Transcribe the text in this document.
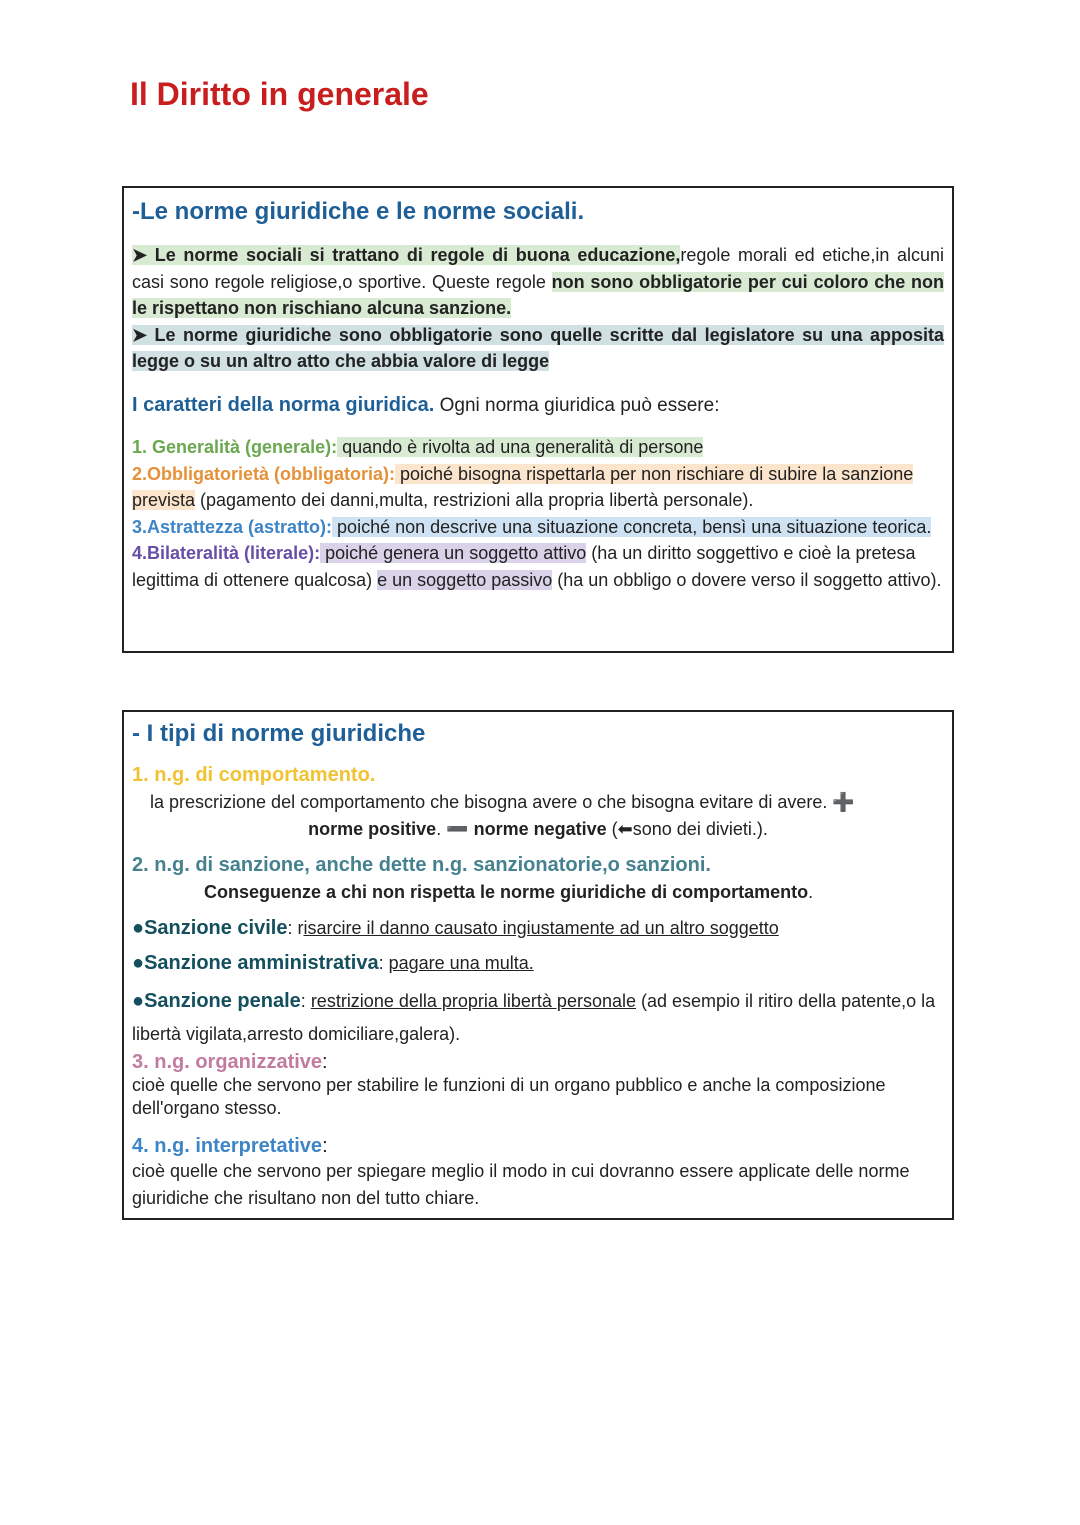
Il Diritto in generale
-Le norme giuridiche e le norme sociali.

➤ Le norme sociali si trattano di regole di buona educazione,regole morali ed etiche,in alcuni casi sono regole religiose,o sportive. Queste regole non sono obbligatorie per cui coloro che non le rispettano non rischiano alcuna sanzione.

➤ Le norme giuridiche sono obbligatorie sono quelle scritte dal legislatore su una apposita legge o su un altro atto che abbia valore di legge

I caratteri della norma giuridica. Ogni norma giuridica può essere:

1. Generalità (generale): quando è rivolta ad una generalità di persone

2.Obbligatorietà (obbligatoria): poiché bisogna rispettarla per non rischiare di subire la sanzione prevista (pagamento dei danni,multa, restrizioni alla propria libertà personale).

3.Astrattezza (astratto): poiché non descrive una situazione concreta, bensì una situazione teorica.

4.Bilateralità (literale): poiché genera un soggetto attivo (ha un diritto soggettivo e cioè la pretesa legittima di ottenere qualcosa) e un soggetto passivo (ha un obbligo o dovere verso il soggetto attivo).

- I tipi di norme giuridiche
1. n.g. di comportamento.

la prescrizione del comportamento che bisogna avere o che bisogna evitare di avere. ➕

norme positive. ➖ norme negative (⬅sono dei divieti.).

2. n.g. di sanzione, anche dette n.g. sanzionatorie,o sanzioni.

Conseguenze a chi non rispetta le norme giuridiche di comportamento.

●Sanzione civile: risarcire il danno causato ingiustamente ad un altro soggetto

●Sanzione amministrativa: pagare una multa.

●Sanzione penale: restrizione della propria libertà personale (ad esempio il ritiro della patente,o la libertà vigilata,arresto domiciliare,galera).

3. n.g. organizzative:

cioè quelle che servono per stabilire le funzioni di un organo pubblico e anche la composizione dell'organo stesso.

4. n.g. interpretative:

cioè quelle che servono per spiegare meglio il modo in cui dovranno essere applicate delle norme giuridiche che risultano non del tutto chiare.
